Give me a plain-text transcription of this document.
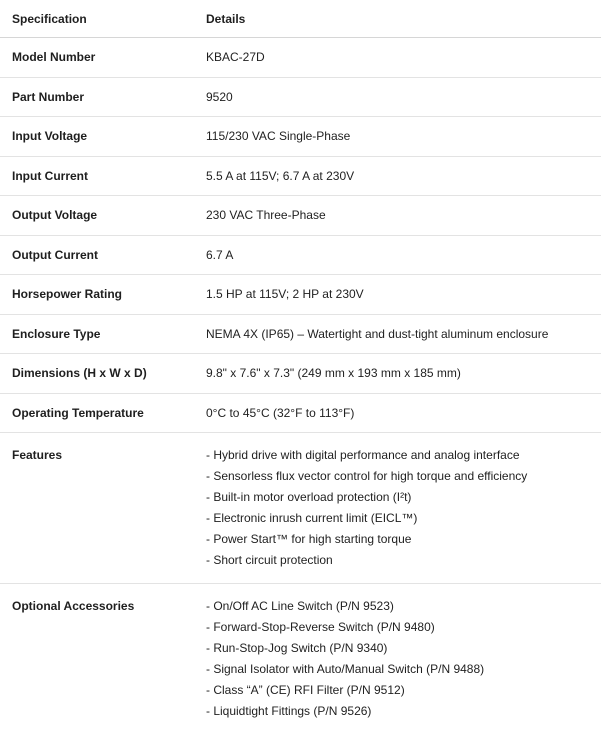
Specification	Details
Model Number	KBAC-27D
Part Number	9520
Input Voltage	115/230 VAC Single-Phase
Input Current	5.5 A at 115V; 6.7 A at 230V
Output Voltage	230 VAC Three-Phase
Output Current	6.7 A
Horsepower Rating	1.5 HP at 115V; 2 HP at 230V
Enclosure Type	NEMA 4X (IP65) – Watertight and dust-tight aluminum enclosure
Dimensions (H x W x D)	9.8" x 7.6" x 7.3" (249 mm x 193 mm x 185 mm)
Operating Temperature	0°C to 45°C (32°F to 113°F)
Features	- Hybrid drive with digital performance and analog interface
- Sensorless flux vector control for high torque and efficiency
- Built-in motor overload protection (I²t)
- Electronic inrush current limit (EICL™)
- Power Start™ for high starting torque
- Short circuit protection
Optional Accessories	- On/Off AC Line Switch (P/N 9523)
- Forward-Stop-Reverse Switch (P/N 9480)
- Run-Stop-Jog Switch (P/N 9340)
- Signal Isolator with Auto/Manual Switch (P/N 9488)
- Class “A” (CE) RFI Filter (P/N 9512)
- Liquidtight Fittings (P/N 9526)
